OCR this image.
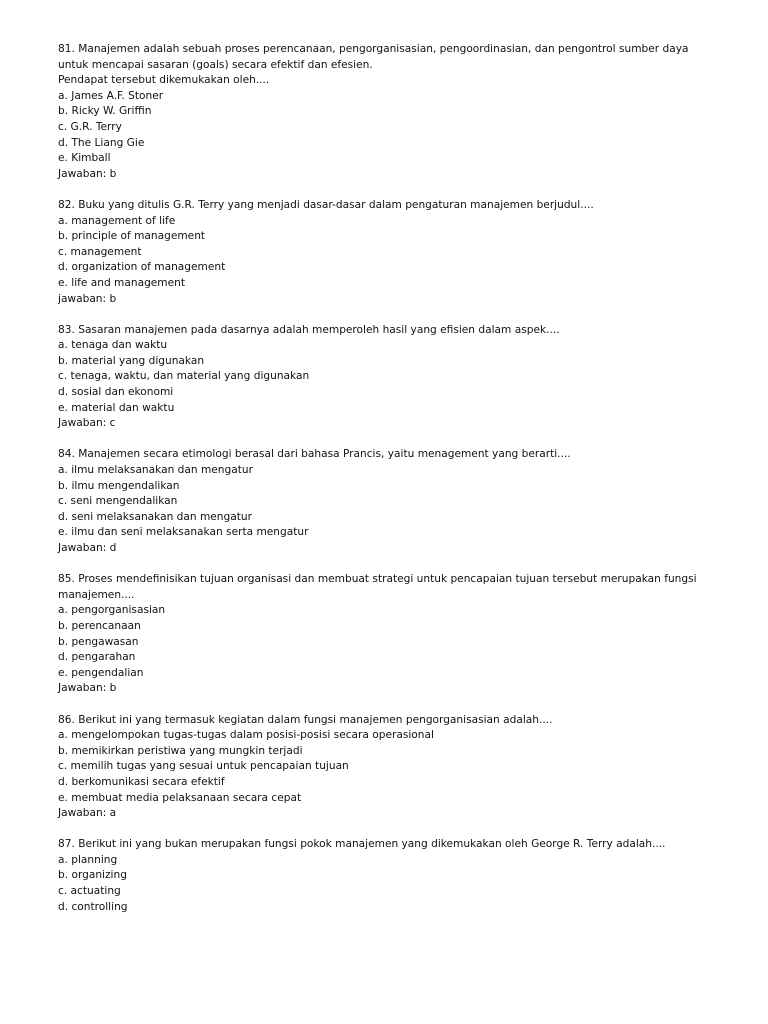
81. Manajemen adalah sebuah proses perencanaan, pengorganisasian, pengoordinasian, dan pengontrol sumber daya untuk mencapai sasaran (goals) secara efektif dan efesien.
Pendapat tersebut dikemukakan oleh....
a. James A.F. Stoner
b. Ricky W. Griffin
c. G.R. Terry
d. The Liang Gie
e. Kimball
Jawaban: b
82. Buku yang ditulis G.R. Terry yang menjadi dasar-dasar dalam pengaturan manajemen berjudul....
a. management of life
b. principle of management
c. management
d. organization of management
e. life and management
jawaban: b
83. Sasaran manajemen pada dasarnya adalah memperoleh hasil yang efisien dalam aspek....
a. tenaga dan waktu
b. material yang digunakan
c. tenaga, waktu, dan material yang digunakan
d. sosial dan ekonomi
e. material dan waktu
Jawaban: c
84. Manajemen secara etimologi berasal dari bahasa Prancis, yaitu menagement yang berarti....
a. ilmu melaksanakan dan mengatur
b. ilmu mengendalikan
c. seni mengendalikan
d. seni melaksanakan dan mengatur
e. ilmu dan seni melaksanakan serta mengatur
Jawaban: d
85. Proses mendefinisikan tujuan organisasi dan membuat strategi untuk pencapaian tujuan tersebut merupakan fungsi manajemen....
a. pengorganisasian
b. perencanaan
b. pengawasan
d. pengarahan
e. pengendalian
Jawaban: b
86. Berikut ini yang termasuk kegiatan dalam fungsi manajemen pengorganisasian adalah....
a. mengelompokan tugas-tugas dalam posisi-posisi secara operasional
b. memikirkan peristiwa yang mungkin terjadi
c. memilih tugas yang sesuai untuk pencapaian tujuan
d. berkomunikasi secara efektif
e. membuat media pelaksanaan secara cepat
Jawaban: a
87. Berikut ini yang bukan merupakan fungsi pokok manajemen yang dikemukakan oleh George R. Terry adalah....
a. planning
b. organizing
c. actuating
d. controlling
